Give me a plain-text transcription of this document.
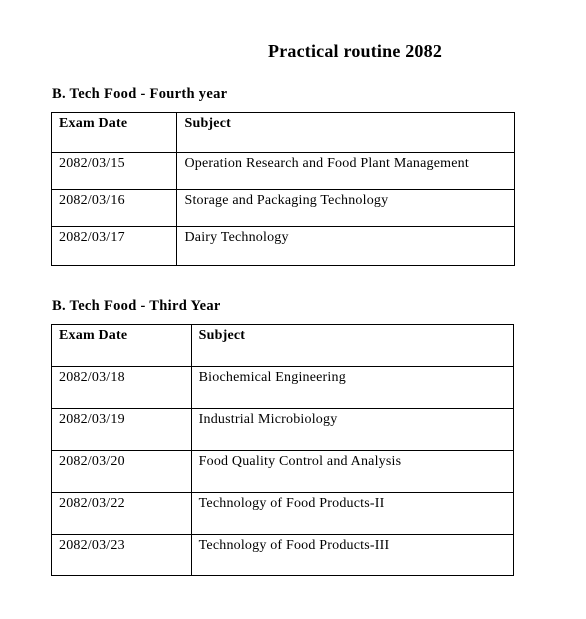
Practical routine 2082
B. Tech Food - Fourth year
Exam Date	Subject
2082/03/15	Operation Research and Food Plant Management
2082/03/16	Storage and Packaging Technology
2082/03/17	Dairy Technology
B. Tech Food - Third Year
Exam Date	Subject
2082/03/18	Biochemical Engineering
2082/03/19	Industrial Microbiology
2082/03/20	Food Quality Control and Analysis
2082/03/22	Technology of Food Products-II
2082/03/23	Technology of Food Products-III
